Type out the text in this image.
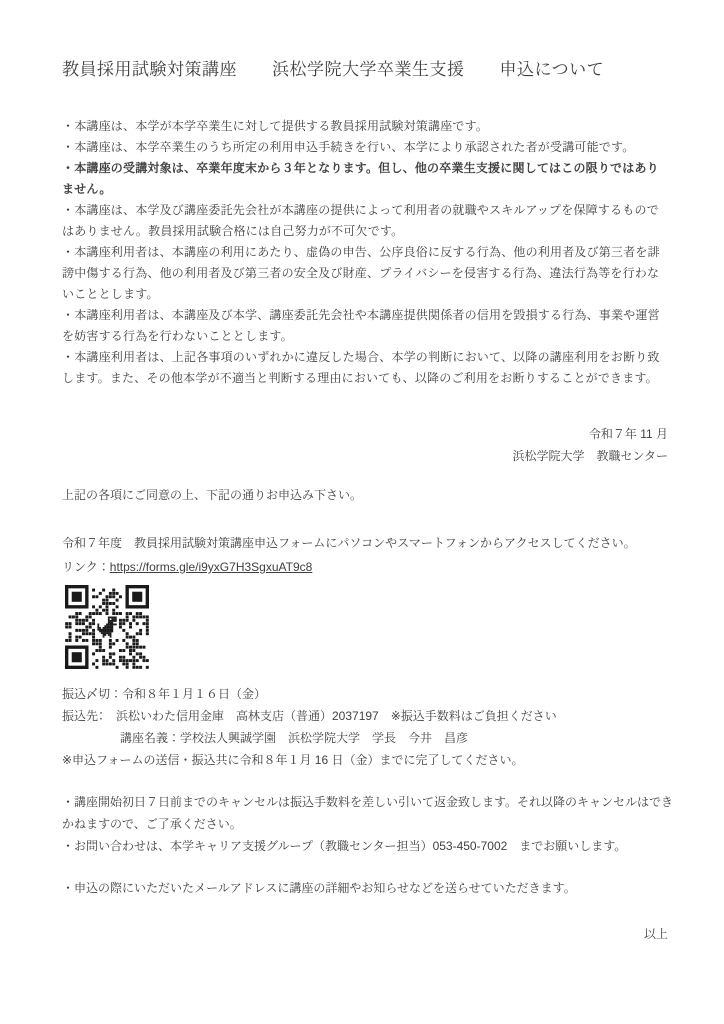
教員採用試験対策講座　　浜松学院大学卒業生支援　　申込について

・本講座は、本学が本学卒業生に対して提供する教員採用試験対策講座です。

・本講座は、本学卒業生のうち所定の利用申込手続きを行い、本学により承認された者が受講可能です。

・本講座の受講対象は、卒業年度末から３年となります。但し、他の卒業生支援に関してはこの限りではありません。

・本講座は、本学及び講座委託先会社が本講座の提供によって利用者の就職やスキルアップを保障するものではありません。教員採用試験合格には自己努力が不可欠です。

・本講座利用者は、本講座の利用にあたり、虚偽の申告、公序良俗に反する行為、他の利用者及び第三者を誹謗中傷する行為、他の利用者及び第三者の安全及び財産、プライバシーを侵害する行為、違法行為等を行わないこととします。

・本講座利用者は、本講座及び本学、講座委託先会社や本講座提供関係者の信用を毀損する行為、事業や運営を妨害する行為を行わないこととします。

・本講座利用者は、上記各事項のいずれかに違反した場合、本学の判断において、以降の講座利用をお断り致します。また、その他本学が不適当と判断する理由においても、以降のご利用をお断りすることができます。

令和７年 11 月
浜松学院大学　教職センター
上記の各項にご同意の上、下記の通りお申込み下さい。
令和７年度　教員採用試験対策講座申込フォームにパソコンやスマートフォンからアクセスしてください。
リンク：https://forms.gle/i9yxG7H3SgxuAT9c8

振込〆切：令和８年１月１６日（金）

振込先：　浜松いわた信用金庫　高林支店（普通）2037197　※振込手数料はご負担ください

講座名義：学校法人興誠学園　浜松学院大学　学長　今井　昌彦

※申込フォームの送信・振込共に令和８年１月 16 日（金）までに完了してください。

・講座開始初日７日前までのキャンセルは振込手数料を差しい引いて返金致します。それ以降のキャンセルはできかねますので、ご了承ください。

・お問い合わせは、本学キャリア支援グループ（教職センター担当）053-450-7002　までお願いします。

・申込の際にいただいたメールアドレスに講座の詳細やお知らせなどを送らせていただきます。
以上
